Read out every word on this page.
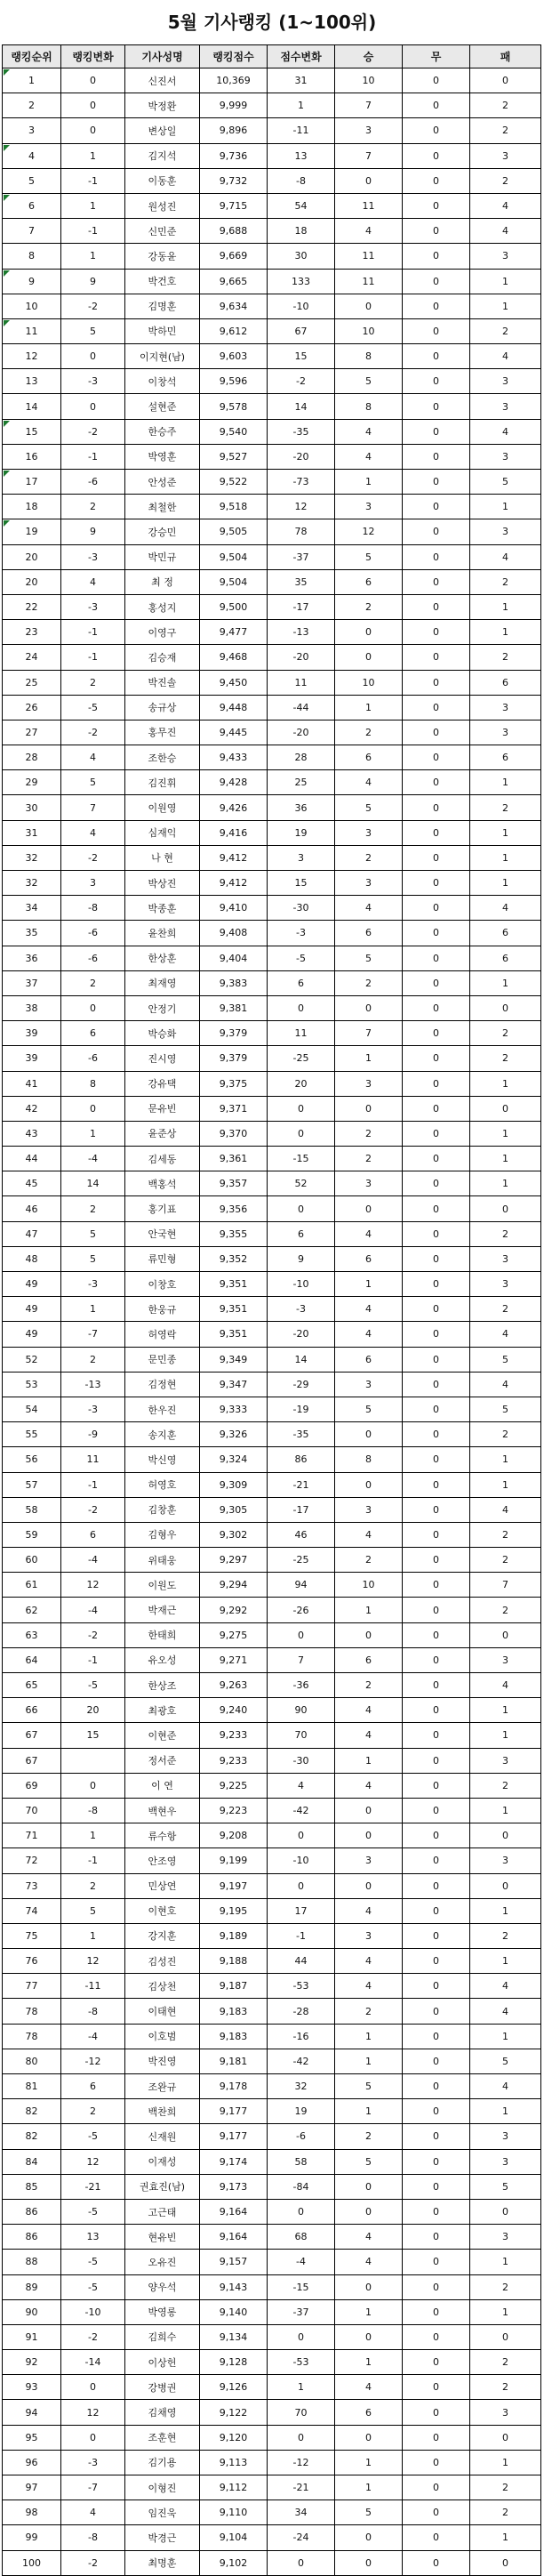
5월 기사랭킹 (1~100위)
랭킹순위	랭킹변화	기사성명	랭킹점수	점수변화	승	무	패
1	0	신진서	10,369	31	10	0	0
2	0	박정환	9,999	1	7	0	2
3	0	변상일	9,896	-11	3	0	2
4	1	김지석	9,736	13	7	0	3
5	-1	이동훈	9,732	-8	0	0	2
6	1	원성진	9,715	54	11	0	4
7	-1	신민준	9,688	18	4	0	4
8	1	강동윤	9,669	30	11	0	3
9	9	박건호	9,665	133	11	0	1
10	-2	김명훈	9,634	-10	0	0	1
11	5	박하민	9,612	67	10	0	2
12	0	이지현(남)	9,603	15	8	0	4
13	-3	이창석	9,596	-2	5	0	3
14	0	설현준	9,578	14	8	0	3
15	-2	한승주	9,540	-35	4	0	4
16	-1	박영훈	9,527	-20	4	0	3
17	-6	안성준	9,522	-73	1	0	5
18	2	최철한	9,518	12	3	0	1
19	9	강승민	9,505	78	12	0	3
20	-3	박민규	9,504	-37	5	0	4
20	4	최 정	9,504	35	6	0	2
22	-3	홍성지	9,500	-17	2	0	1
23	-1	이영구	9,477	-13	0	0	1
24	-1	김승재	9,468	-20	0	0	2
25	2	박진솔	9,450	11	10	0	6
26	-5	송규상	9,448	-44	1	0	3
27	-2	홍무진	9,445	-20	2	0	3
28	4	조한승	9,433	28	6	0	6
29	5	김진휘	9,428	25	4	0	1
30	7	이원영	9,426	36	5	0	2
31	4	심재익	9,416	19	3	0	1
32	-2	나 현	9,412	3	2	0	1
32	3	박상진	9,412	15	3	0	1
34	-8	박종훈	9,410	-30	4	0	4
35	-6	윤찬희	9,408	-3	6	0	6
36	-6	한상훈	9,404	-5	5	0	6
37	2	최재영	9,383	6	2	0	1
38	0	안정기	9,381	0	0	0	0
39	6	박승화	9,379	11	7	0	2
39	-6	진시영	9,379	-25	1	0	2
41	8	강유택	9,375	20	3	0	1
42	0	문유빈	9,371	0	0	0	0
43	1	윤준상	9,370	0	2	0	1
44	-4	김세동	9,361	-15	2	0	1
45	14	백홍석	9,357	52	3	0	1
46	2	홍기표	9,356	0	0	0	0
47	5	안국현	9,355	6	4	0	2
48	5	류민형	9,352	9	6	0	3
49	-3	이창호	9,351	-10	1	0	3
49	1	한웅규	9,351	-3	4	0	2
49	-7	허영락	9,351	-20	4	0	4
52	2	문민종	9,349	14	6	0	5
53	-13	김정현	9,347	-29	3	0	4
54	-3	한우진	9,333	-19	5	0	5
55	-9	송지훈	9,326	-35	0	0	2
56	11	박신영	9,324	86	8	0	1
57	-1	허영호	9,309	-21	0	0	1
58	-2	김창훈	9,305	-17	3	0	4
59	6	김형우	9,302	46	4	0	2
60	-4	위태웅	9,297	-25	2	0	2
61	12	이원도	9,294	94	10	0	7
62	-4	박재근	9,292	-26	1	0	2
63	-2	한태희	9,275	0	0	0	0
64	-1	유오성	9,271	7	6	0	3
65	-5	한상조	9,263	-36	2	0	4
66	20	최광호	9,240	90	4	0	1
67	15	이현준	9,233	70	4	0	1
67		정서준	9,233	-30	1	0	3
69	0	이 연	9,225	4	4	0	2
70	-8	백현우	9,223	-42	0	0	1
71	1	류수항	9,208	0	0	0	0
72	-1	안조영	9,199	-10	3	0	3
73	2	민상연	9,197	0	0	0	0
74	5	이현호	9,195	17	4	0	1
75	1	강지훈	9,189	-1	3	0	2
76	12	김성진	9,188	44	4	0	1
77	-11	김상천	9,187	-53	4	0	4
78	-8	이태현	9,183	-28	2	0	4
78	-4	이호범	9,183	-16	1	0	1
80	-12	박진영	9,181	-42	1	0	5
81	6	조완규	9,178	32	5	0	4
82	2	백찬희	9,177	19	1	0	1
82	-5	신재원	9,177	-6	2	0	3
84	12	이재성	9,174	58	5	0	3
85	-21	권효진(남)	9,173	-84	0	0	5
86	-5	고근태	9,164	0	0	0	0
86	13	현유빈	9,164	68	4	0	3
88	-5	오유진	9,157	-4	4	0	1
89	-5	양우석	9,143	-15	0	0	2
90	-10	박영롱	9,140	-37	1	0	1
91	-2	김희수	9,134	0	0	0	0
92	-14	이상헌	9,128	-53	1	0	2
93	0	강병권	9,126	1	4	0	2
94	12	김채영	9,122	70	6	0	3
95	0	조훈현	9,120	0	0	0	0
96	-3	김기용	9,113	-12	1	0	1
97	-7	이형진	9,112	-21	1	0	2
98	4	임진욱	9,110	34	5	0	2
99	-8	박경근	9,104	-24	0	0	1
100	-2	최명훈	9,102	0	0	0	0
